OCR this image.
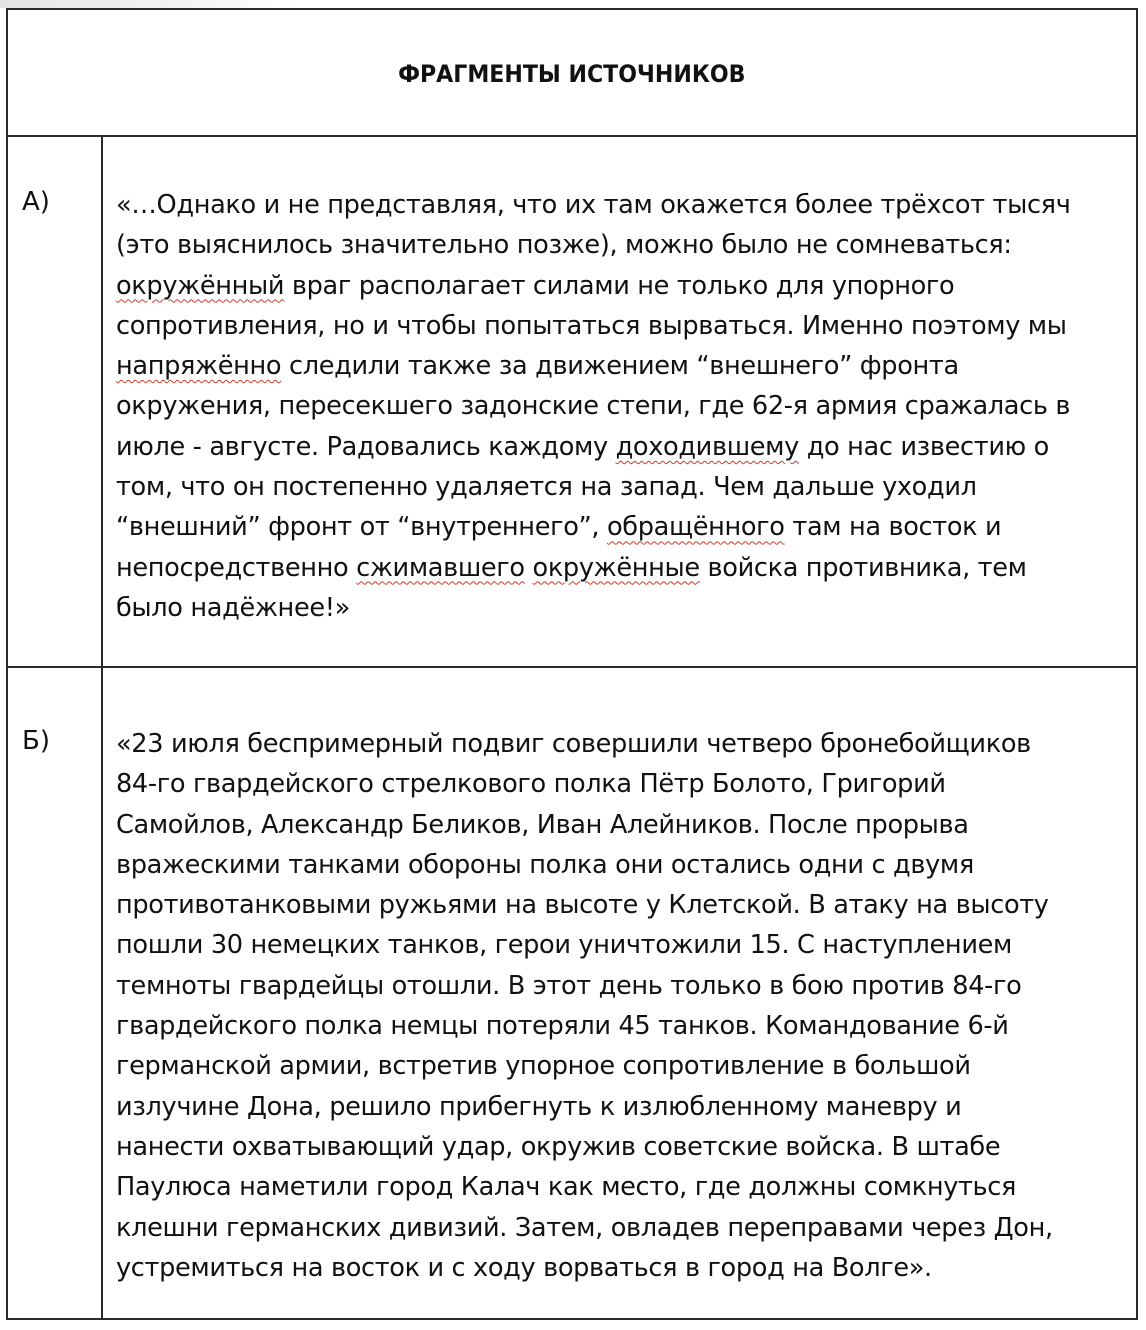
ФРАГМЕНТЫ ИСТОЧНИКОВ
А)	«…Однако и не представляя, что их там окажется более трёхсот тысяч
(это выяснилось значительно позже), можно было не сомневаться:
окружённый враг располагает силами не только для упорного
сопротивления, но и чтобы попытаться вырваться. Именно поэтому мы
напряжённо следили также за движением “внешнего” фронта
окружения, пересекшего задонские степи, где 62-я армия сражалась в
июле - августе. Радовались каждому доходившему до нас известию о
том, что он постепенно удаляется на запад. Чем дальше уходил
“внешний” фронт от “внутреннего”, обращённого там на восток и
непосредственно сжимавшего окружённые войска противника, тем
было надёжнее!»
Б)	«23 июля беспримерный подвиг совершили четверо бронебойщиков
84-го гвардейского стрелкового полка Пётр Болото, Григорий
Самойлов, Александр Беликов, Иван Алейников. После прорыва
вражескими танками обороны полка они остались одни с двумя
противотанковыми ружьями на высоте у Клетской. В атаку на высоту
пошли 30 немецких танков, герои уничтожили 15. С наступлением
темноты гвардейцы отошли. В этот день только в бою против 84-го
гвардейского полка немцы потеряли 45 танков. Командование 6-й
германской армии, встретив упорное сопротивление в большой
излучине Дона, решило прибегнуть к излюбленному маневру и
нанести охватывающий удар, окружив советские войска. В штабе
Паулюса наметили город Калач как место, где должны сомкнуться
клешни германских дивизий. Затем, овладев переправами через Дон,
устремиться на восток и с ходу ворваться в город на Волге».
